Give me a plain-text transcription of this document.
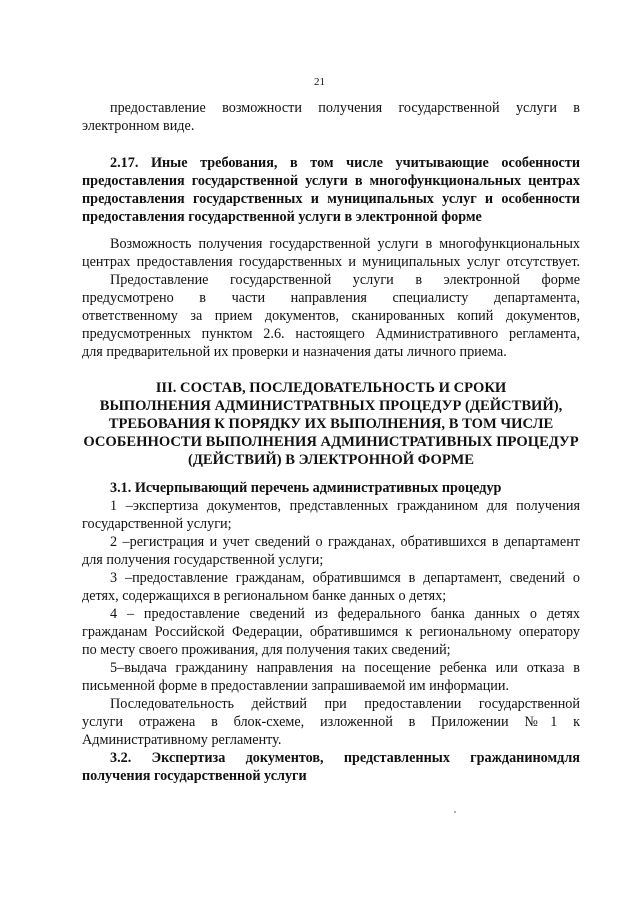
21
предоставление возможности получения государственной услуги в
электронном виде.
2.17. Иные требования, в том числе учитывающие особенности
предоставления государственной услуги в многофункциональных центрах
предоставления государственных и муниципальных услуг и особенности
предоставления государственной услуги в электронной форме
Возможность получения государственной услуги в многофункциональных
центрах предоставления государственных и муниципальных услуг отсутствует.
Предоставление государственной услуги в электронной форме
предусмотрено в части направления специалисту департамента,
ответственному за прием документов, сканированных копий документов,
предусмотренных пунктом 2.6. настоящего Административного регламента,
для предварительной их проверки и назначения даты личного приема.
III. СОСТАВ, ПОСЛЕДОВАТЕЛЬНОСТЬ И СРОКИ
ВЫПОЛНЕНИЯ АДМИНИСТРАТВНЫХ ПРОЦЕДУР (ДЕЙСТВИЙ),
ТРЕБОВАНИЯ К ПОРЯДКУ ИХ ВЫПОЛНЕНИЯ, В ТОМ ЧИСЛЕ
ОСОБЕННОСТИ ВЫПОЛНЕНИЯ АДМИНИСТРАТИВНЫХ ПРОЦЕДУР
(ДЕЙСТВИЙ) В ЭЛЕКТРОННОЙ ФОРМЕ
3.1. Исчерпывающий перечень административных процедур
1 –экспертиза документов, представленных гражданином для получения
государственной услуги;
2 –регистрация и учет сведений о гражданах, обратившихся в департамент
для получения государственной услуги;
3 –предоставление гражданам, обратившимся в департамент, сведений о
детях, содержащихся в региональном банке данных о детях;
4 – предоставление сведений из федерального банка данных о детях
гражданам Российской Федерации, обратившимся к региональному оператору
по месту своего проживания, для получения таких сведений;
5–выдача гражданину направления на посещение ребенка или отказа в
письменной форме в предоставлении запрашиваемой им информации.
Последовательность действий при предоставлении государственной
услуги отражена в блок-схеме, изложенной в Приложении №1 к
Административному регламенту.
3.2. Экспертиза документов, представленных гражданиномдля
получения государственной услуги
